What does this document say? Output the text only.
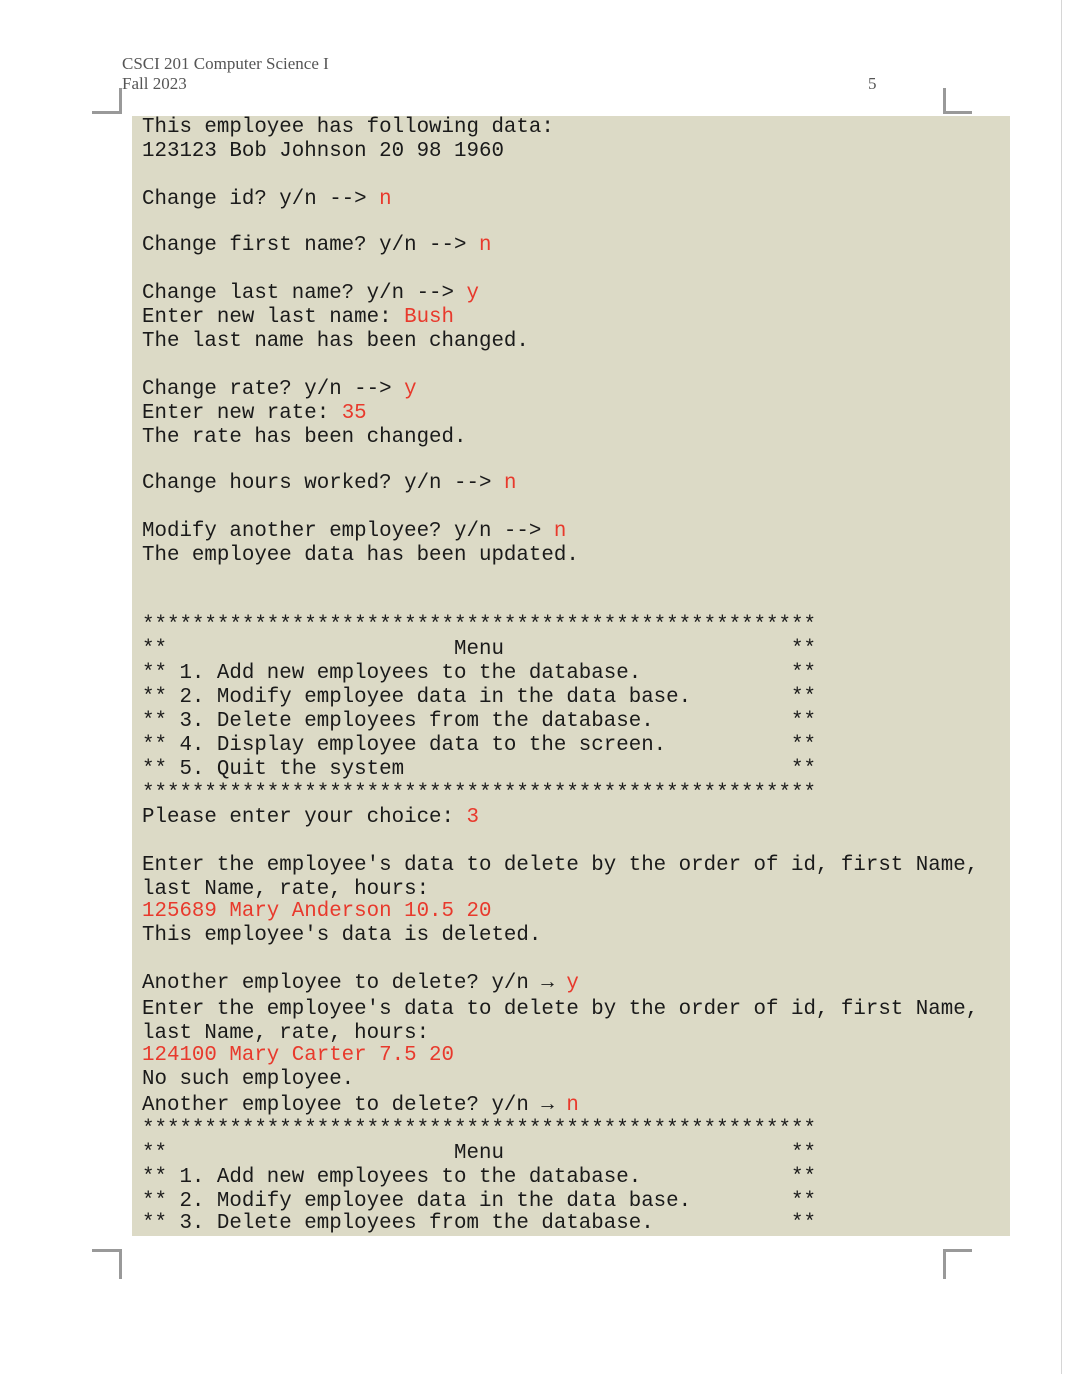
CSCI 201 Computer Science I
Fall 2023	5
This employee has following data:
123123 Bob Johnson 20 98 1960
Change id? y/n --> n
Change first name? y/n --> n
Change last name? y/n --> y
Enter new last name: Bush
The last name has been changed.
Change rate? y/n --> y
Enter new rate: 35
The rate has been changed.
Change hours worked? y/n --> n
Modify another employee? y/n --> n
The employee data has been updated.
******************************************************
**                       Menu                       **
** 1. Add new employees to the database.            **
** 2. Modify employee data in the data base.        **
** 3. Delete employees from the database.           **
** 4. Display employee data to the screen.          **
** 5. Quit the system                               **
******************************************************
Please enter your choice: 3
Enter the employee's data to delete by the order of id, first Name,
last Name, rate, hours:
125689 Mary Anderson 10.5 20
This employee's data is deleted.
Another employee to delete? y/n → y
Enter the employee's data to delete by the order of id, first Name,
last Name, rate, hours:
124100 Mary Carter 7.5 20
No such employee.
Another employee to delete? y/n → n
******************************************************
**                       Menu                       **
** 1. Add new employees to the database.            **
** 2. Modify employee data in the data base.        **
** 3. Delete employees from the database.           **
